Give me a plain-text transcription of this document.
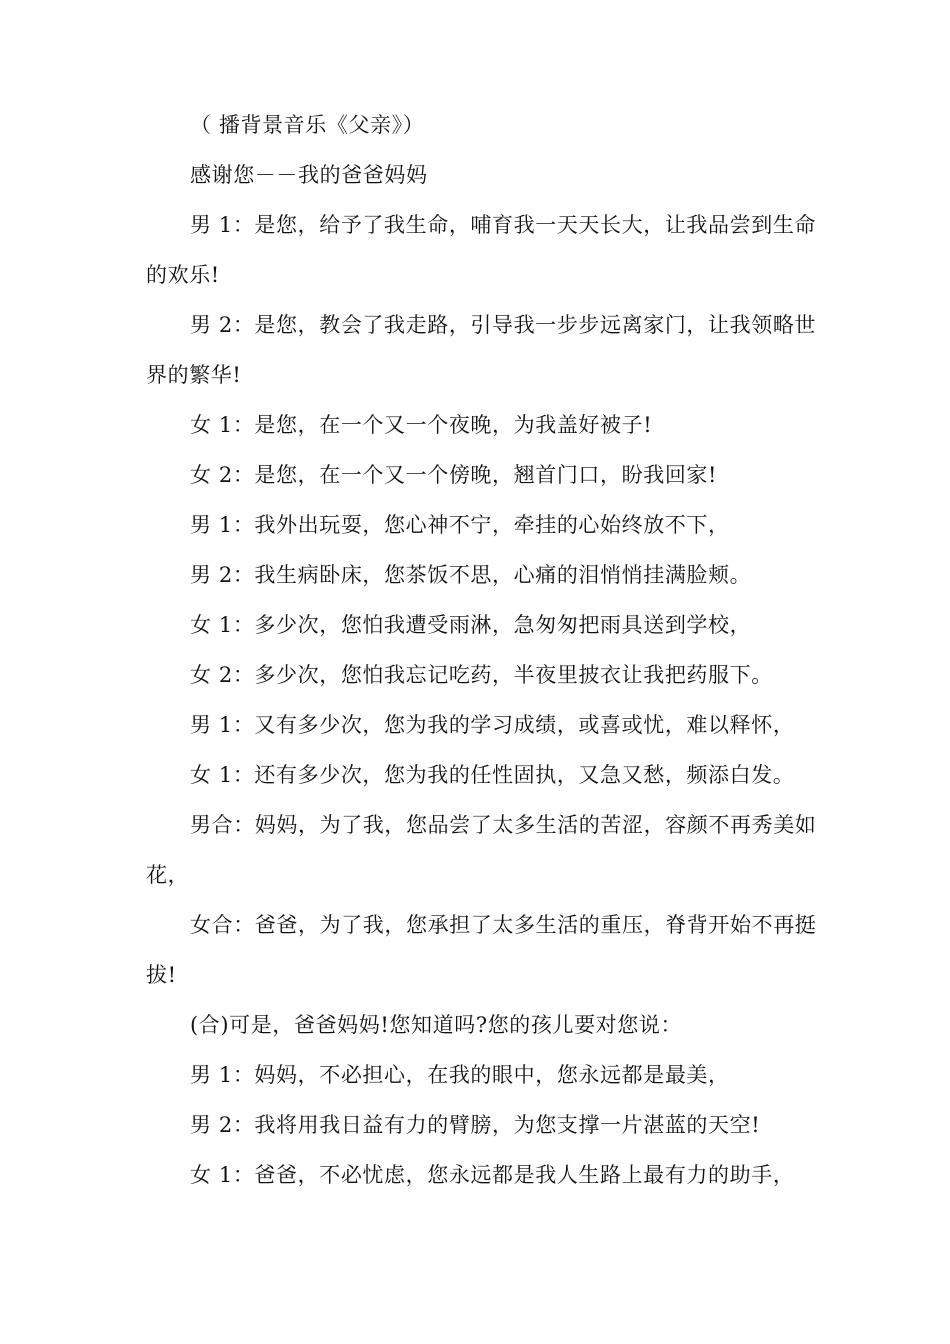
（ 播背景音乐《父亲》）

感谢您－－我的爸爸妈妈

男 1：是您，给予了我生命，哺育我一天天长大，让我品尝到生命的欢乐!

男 2：是您，教会了我走路，引导我一步步远离家门，让我领略世界的繁华!

女 1：是您，在一个又一个夜晚，为我盖好被子!

女 2：是您，在一个又一个傍晚，翘首门口，盼我回家!

男 1：我外出玩耍，您心神不宁，牵挂的心始终放不下，

男 2：我生病卧床，您茶饭不思，心痛的泪悄悄挂满脸颊。

女 1：多少次，您怕我遭受雨淋，急匆匆把雨具送到学校，

女 2：多少次，您怕我忘记吃药，半夜里披衣让我把药服下。

男 1：又有多少次，您为我的学习成绩，或喜或忧，难以释怀，

女 1：还有多少次，您为我的任性固执，又急又愁，频添白发。

男合：妈妈，为了我，您品尝了太多生活的苦涩，容颜不再秀美如花，

女合：爸爸，为了我，您承担了太多生活的重压，脊背开始不再挺拔!

(合)可是，爸爸妈妈!您知道吗?您的孩儿要对您说：

男 1：妈妈，不必担心，在我的眼中，您永远都是最美，

男 2：我将用我日益有力的臂膀，为您支撑一片湛蓝的天空!

女 1：爸爸，不必忧虑，您永远都是我人生路上最有力的助手，
